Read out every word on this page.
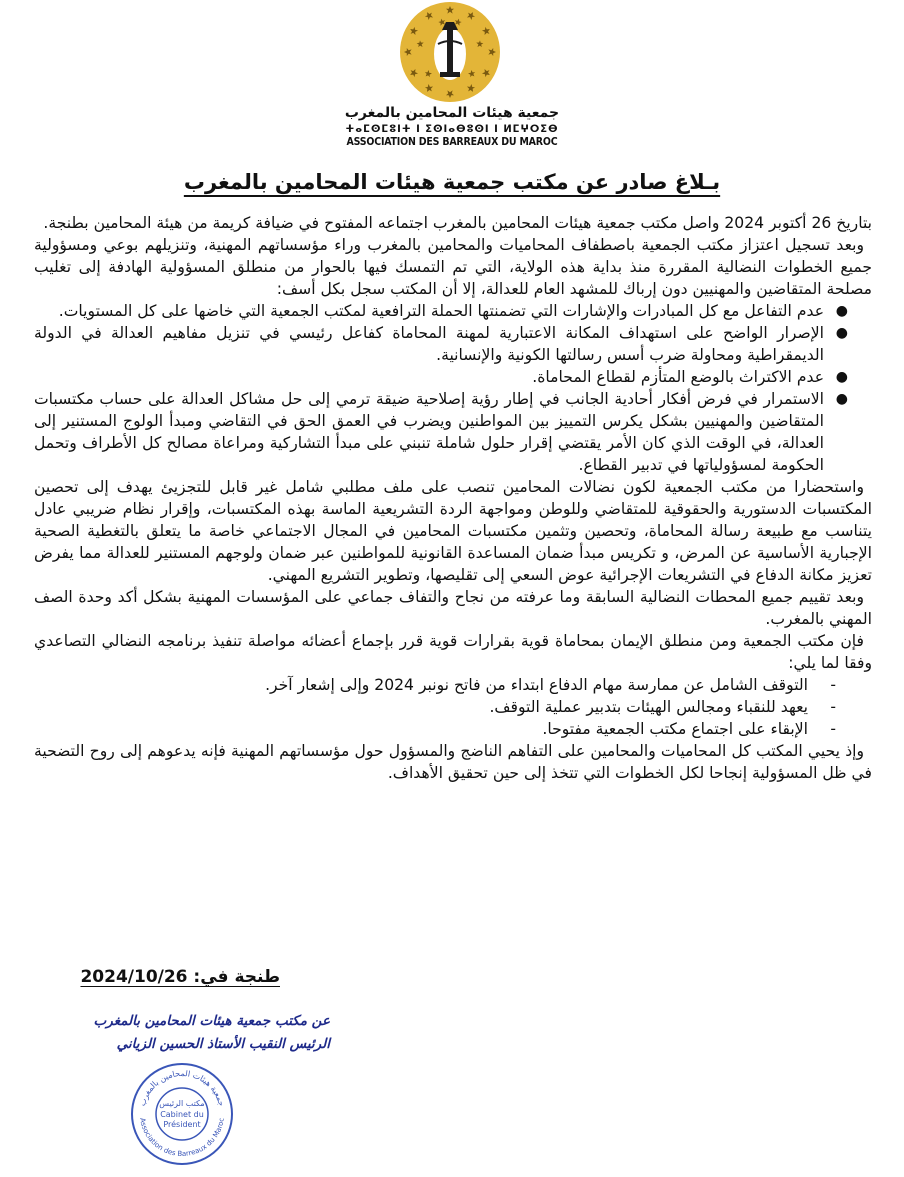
جمعية هيئات المحامين بالمغرب
ⵜⴰⵎⵙⵎⵓⵏⵜ ⵏ ⵉⵙⵏⴰⴱⵓⵙⵏ ⵏ ⵍⵎⵖⵔⵉⴱ
ASSOCIATION DES BARREAUX DU MAROC
بـلاغ صادر عن مكتب جمعية هيئات المحامين بالمغرب

بتاريخ 26 أكتوبر 2024 واصل مكتب جمعية هيئات المحامين بالمغرب اجتماعه المفتوح في ضيافة كريمة من هيئة المحامين بطنجة.

وبعد تسجيل اعتزاز مكتب الجمعية باصطفاف المحاميات والمحامين بالمغرب وراء مؤسساتهم المهنية، وتنزيلهم بوعي ومسؤولية جميع الخطوات النضالية المقررة منذ بداية هذه الولاية، التي تم التمسك فيها بالحوار من منطلق المسؤولية الهادفة إلى تغليب مصلحة المتقاضين والمهنيين دون إرباك للمشهد العام للعدالة، إلا أن المكتب سجل بكل أسف:

●
عدم التفاعل مع كل المبادرات والإشارات التي تضمنتها الحملة الترافعية لمكتب الجمعية التي خاضها على كل المستويات.
●
الإصرار الواضح على استهداف المكانة الاعتبارية لمهنة المحاماة كفاعل رئيسي في تنزيل مفاهيم العدالة في الدولة الديمقراطية ومحاولة ضرب أسس رسالتها الكونية والإنسانية.
●
عدم الاكتراث بالوضع المتأزم لقطاع المحاماة.
●
الاستمرار في فرض أفكار أحادية الجانب في إطار رؤية إصلاحية ضيقة ترمي إلى حل مشاكل العدالة على حساب مكتسبات المتقاضين والمهنيين بشكل يكرس التمييز بين المواطنين ويضرب في العمق الحق في التقاضي ومبدأ الولوج المستنير إلى العدالة، في الوقت الذي كان الأمر يقتضي إقرار حلول شاملة تنبني على مبدأ التشاركية ومراعاة مصالح كل الأطراف وتحمل الحكومة لمسؤولياتها في تدبير القطاع.

واستحضارا من مكتب الجمعية لكون نضالات المحامين تنصب على ملف مطلبي شامل غير قابل للتجزيئ يهدف إلى تحصين المكتسبات الدستورية والحقوقية للمتقاضي وللوطن ومواجهة الردة التشريعية الماسة بهذه المكتسبات، وإقرار نظام ضريبي عادل يتناسب مع طبيعة رسالة المحاماة، وتحصين وتثمين مكتسبات المحامين في المجال الاجتماعي خاصة ما يتعلق بالتغطية الصحية الإجبارية الأساسية عن المرض، و تكريس مبدأ ضمان المساعدة القانونية للمواطنين عبر ضمان ولوجهم المستنير للعدالة مما يفرض تعزيز مكانة الدفاع في التشريعات الإجرائية عوض السعي إلى تقليصها، وتطوير التشريع المهني.

وبعد تقييم جميع المحطات النضالية السابقة وما عرفته من نجاح والتفاف جماعي على المؤسسات المهنية بشكل أكد وحدة الصف المهني بالمغرب.

فإن مكتب الجمعية ومن منطلق الإيمان بمحاماة قوية بقرارات قوية قرر بإجماع أعضائه مواصلة تنفيذ برنامجه النضالي التصاعدي وفقا لما يلي:

-
التوقف الشامل عن ممارسة مهام الدفاع ابتداء من فاتح نونبر 2024 وإلى إشعار آخر.
-
يعهد للنقباء ومجالس الهيئات بتدبير عملية التوقف.
-
الإبقاء على اجتماع مكتب الجمعية مفتوحا.

وإذ يحيي المكتب كل المحاميات والمحامين على التفاهم الناضج والمسؤول حول مؤسساتهم المهنية فإنه يدعوهم إلى روح التضحية في ظل المسؤولية إنجاحا لكل الخطوات التي تتخذ إلى حين تحقيق الأهداف.

طنجة في: 2024/10/26
عن مكتب جمعية هيئات المحامين بالمغرب
الرئيس النقيب الأستاذ الحسين الزياني
جمعية هيئات المحامين بالمغرب
Association des Barreaux du Maroc
مكتب الرئيس
Cabinet du
Président
